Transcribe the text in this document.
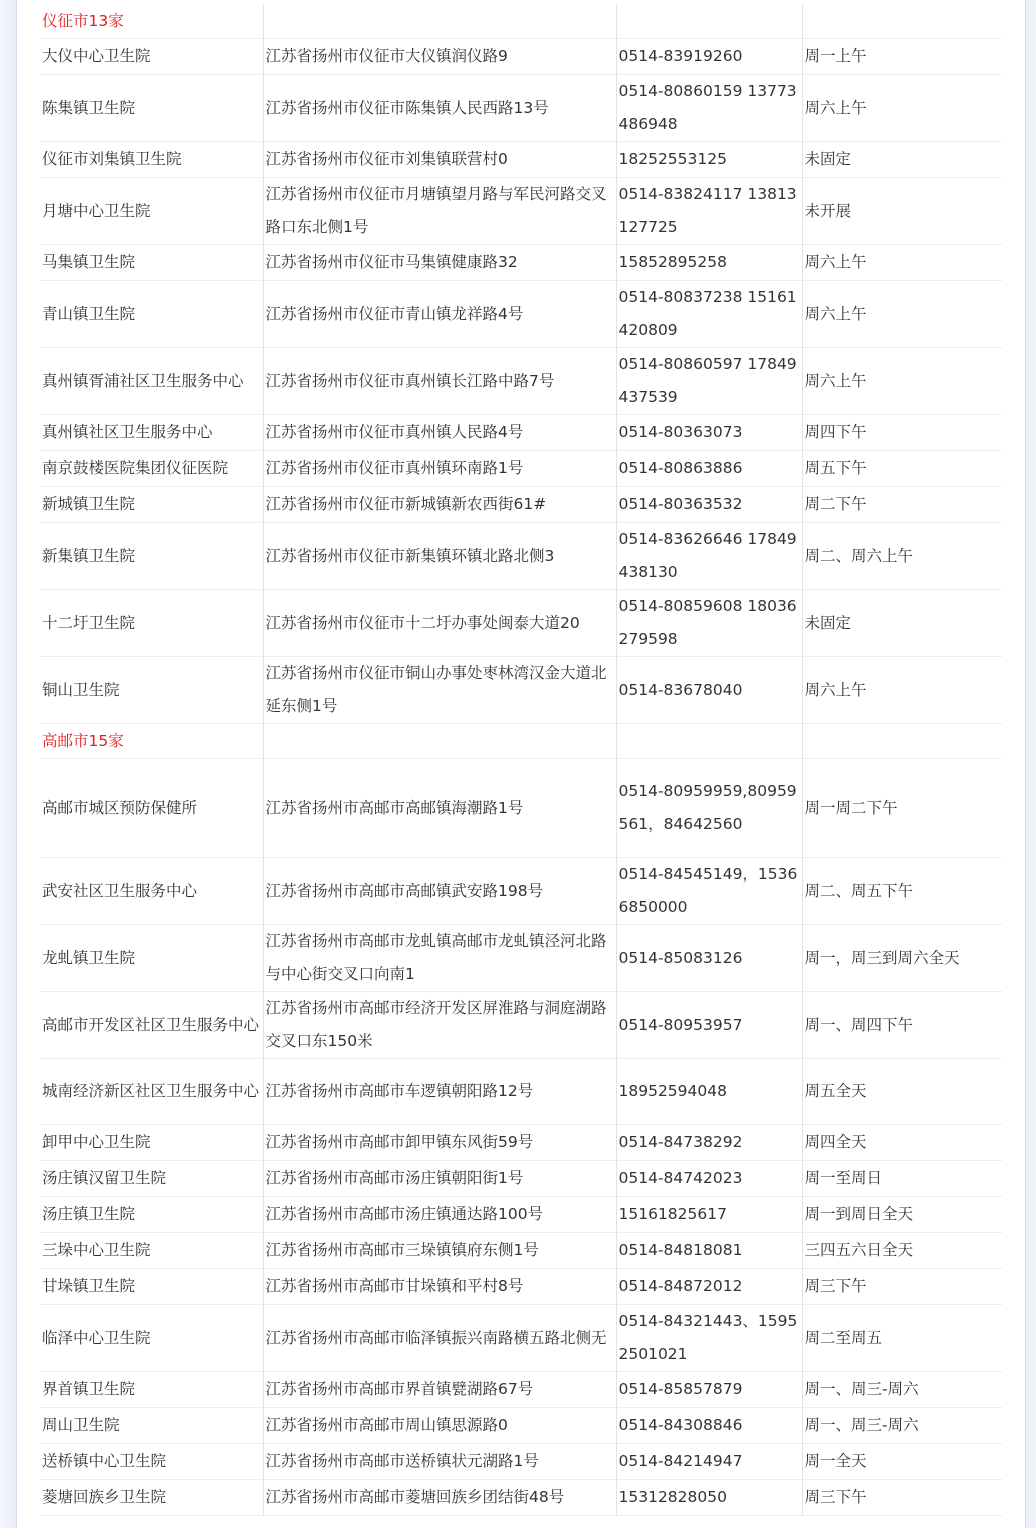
仪征市13家			
大仪中心卫生院	江苏省扬州市仪征市大仪镇润仪路9	0514-83919260	周一上午
陈集镇卫生院	江苏省扬州市仪征市陈集镇人民西路13号	0514-80860159 13773486948	周六上午
仪征市刘集镇卫生院	江苏省扬州市仪征市刘集镇联营村0	18252553125	未固定
月塘中心卫生院	江苏省扬州市仪征市月塘镇望月路与军民河路交叉路口东北侧1号	0514-83824117 13813127725	未开展
马集镇卫生院	江苏省扬州市仪征市马集镇健康路32	15852895258	周六上午
青山镇卫生院	江苏省扬州市仪征市青山镇龙祥路4号	0514-80837238 15161420809	周六上午
真州镇胥浦社区卫生服务中心	江苏省扬州市仪征市真州镇长江路中路7号	0514-80860597 17849437539	周六上午
真州镇社区卫生服务中心	江苏省扬州市仪征市真州镇人民路4号	0514-80363073	周四下午
南京鼓楼医院集团仪征医院	江苏省扬州市仪征市真州镇环南路1号	0514-80863886	周五下午
新城镇卫生院	江苏省扬州市仪征市新城镇新农西街61#	0514-80363532	周二下午
新集镇卫生院	江苏省扬州市仪征市新集镇环镇北路北侧3	0514-83626646 17849438130	周二、周六上午
十二圩卫生院	江苏省扬州市仪征市十二圩办事处闽泰大道20	0514-80859608 18036279598	未固定
铜山卫生院	江苏省扬州市仪征市铜山办事处枣林湾汉金大道北延东侧1号	0514-83678040	周六上午
高邮市15家			
高邮市城区预防保健所	江苏省扬州市高邮市高邮镇海潮路1号	0514-80959959,80959561，84642560	周一周二下午
武安社区卫生服务中心	江苏省扬州市高邮市高邮镇武安路198号	0514-84545149，15366850000	周二、周五下午
龙虬镇卫生院	江苏省扬州市高邮市龙虬镇高邮市龙虬镇泾河北路与中心街交叉口向南1	0514-85083126	周一，周三到周六全天
高邮市开发区社区卫生服务中心	江苏省扬州市高邮市经济开发区屏淮路与洞庭湖路交叉口东150米	0514-80953957	周一、周四下午
城南经济新区社区卫生服务中心	江苏省扬州市高邮市车逻镇朝阳路12号	18952594048	周五全天
卸甲中心卫生院	江苏省扬州市高邮市卸甲镇东风街59号	0514-84738292	周四全天
汤庄镇汉留卫生院	江苏省扬州市高邮市汤庄镇朝阳街1号	0514-84742023	周一至周日
汤庄镇卫生院	江苏省扬州市高邮市汤庄镇通达路100号	15161825617	周一到周日全天
三垛中心卫生院	江苏省扬州市高邮市三垛镇镇府东侧1号	0514-84818081	三四五六日全天
甘垛镇卫生院	江苏省扬州市高邮市甘垛镇和平村8号	0514-84872012	周三下午
临泽中心卫生院	江苏省扬州市高邮市临泽镇振兴南路横五路北侧无	0514-84321443、15952501021	周二至周五
界首镇卫生院	江苏省扬州市高邮市界首镇甓湖路67号	0514-85857879	周一、周三-周六
周山卫生院	江苏省扬州市高邮市周山镇思源路0	0514-84308846	周一、周三-周六
送桥镇中心卫生院	江苏省扬州市高邮市送桥镇状元湖路1号	0514-84214947	周一全天
菱塘回族乡卫生院	江苏省扬州市高邮市菱塘回族乡团结街48号	15312828050	周三下午
